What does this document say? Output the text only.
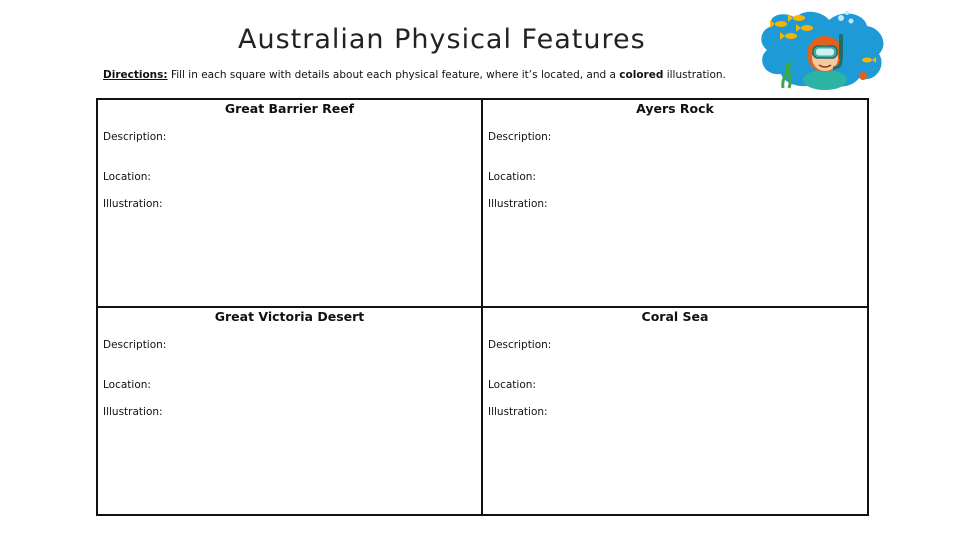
Australian Physical Features
Directions: Fill in each square with details about each physical feature, where it’s located, and a colored illustration.
Great Barrier Reef
Description:
Location:
Illustration:
Ayers Rock
Description:
Location:
Illustration:
Great Victoria Desert
Description:
Location:
Illustration:
Coral Sea
Description:
Location:
Illustration:
